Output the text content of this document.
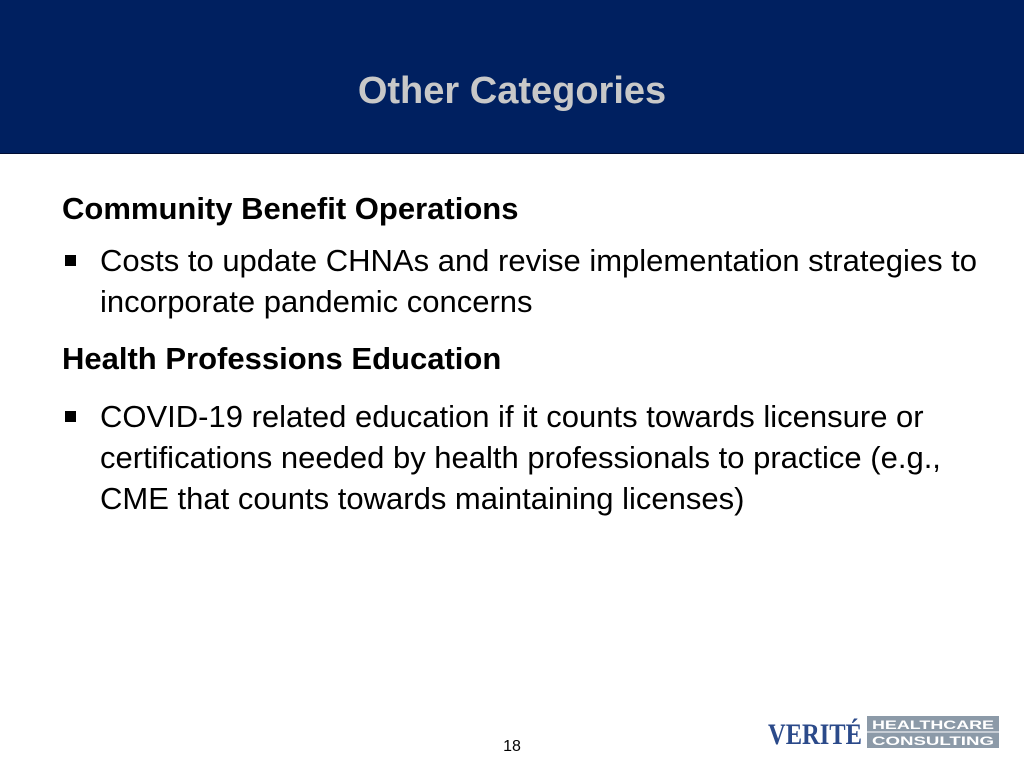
Other Categories
Community Benefit Operations
Costs to update CHNAs and revise implementation strategies to incorporate pandemic concerns
Health Professions Education
COVID-19 related education if it counts towards licensure or certifications needed by health professionals to practice (e.g., CME that counts towards maintaining licenses)
18	VERITÉ HEALTHCARE
CONSULTING
